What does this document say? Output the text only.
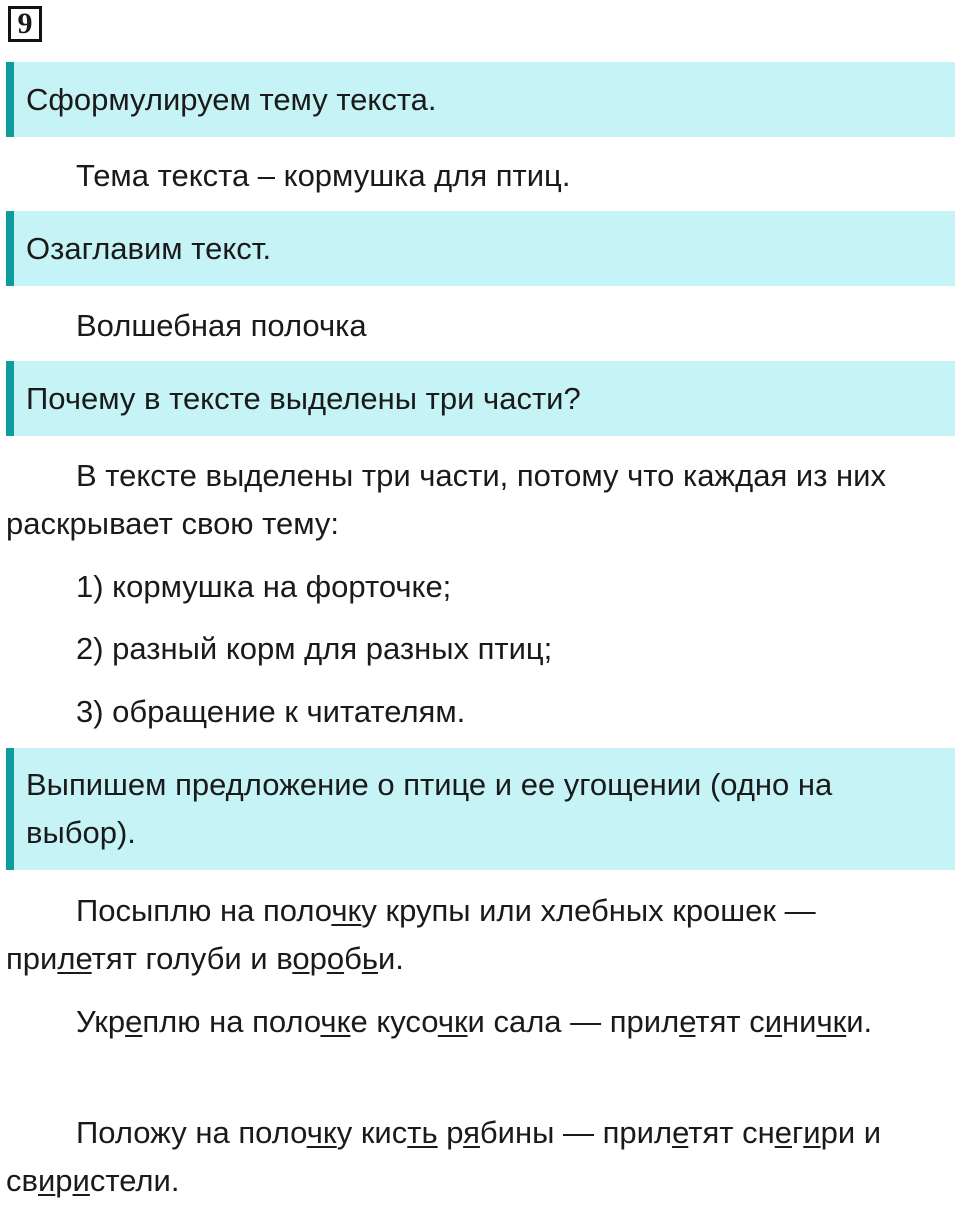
9
Сформулируем тему текста.

Тема текста – кормушка для птиц.

Озаглавим текст.

Волшебная полочка

Почему в тексте выделены три части?

В тексте выделены три части, потому что каждая из них раскрывает свою тему:

1) кормушка на форточке;

2) разный корм для разных птиц;

3) обращение к читателям.

Выпишем предложение о птице и ее угощении (одно на выбор).

Посыплю на полочку крупы или хлебных крошек — прилетят голуби и воробьи.

Укреплю на полочке кусочки сала — прилетят синички.

Положу на полочку кисть рябины — прилетят снегири и свиристели.
